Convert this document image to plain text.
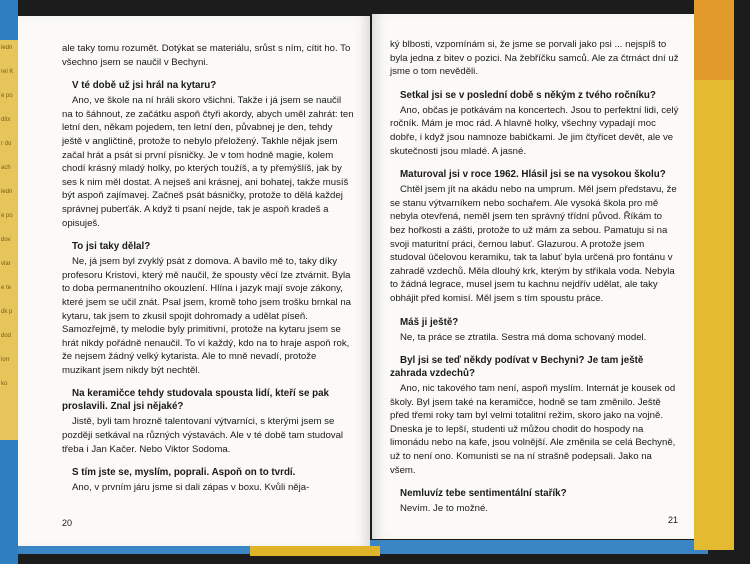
ledn
rel K
e po
ditx
r do
ach
ledn
e po
dov
vlar
e te
dk p
dod
lorr
ko

ale taky tomu rozumět. Dotýkat se materiálu, srůst s ním, cítit ho. To všechno jsem se naučil v Bechyni.

V té době už jsi hrál na kytaru?

Ano, ve škole na ní hráli skoro všichni. Takže i já jsem se naučil na to šáhnout, ze začátku aspoň čtyři akordy, abych uměl zahrát: ten letní den, někam pojedem, ten letní den, půvabnej je den, tehdy ještě v angličtině, protože to nebylo přeložený. Takhle nějak jsem začal hrát a psát si první písničky. Je v tom hodně magie, kolem chodí krásný mladý holky, po kterých toužíš, a ty přemýšlíš, jak by ses k nim měl dostat. A nejseš ani krásnej, ani bohatej, takže musíš být aspoň zajímavej. Začneš psát básničky, protože to dělá každej správnej puberťák. A když ti psaní nejde, tak je aspoň kradeš a opisuješ.

To jsi taky dělal?

Ne, já jsem byl zvyklý psát z domova. A bavilo mě to, taky díky profesoru Kristovi, který mě naučil, že spousty věcí lze ztvárnit. Byla to doba permanentního okouzlení. Hlína i jazyk mají svoje zákony, které jsem se učil znát. Psal jsem, kromě toho jsem trošku brnkal na kytaru, tak jsem to zkusil spojit dohromady a udělat píseň. Samozřejmě, ty melodie byly primitivní, protože na kytaru jsem se hrát nikdy pořádně nenaučil. To ví každý, kdo na to hraje aspoň rok, že nejsem žádný velký kytarista. Ale to mně nevadí, protože muzikant jsem nikdy být nechtěl.

Na keramičce tehdy studovala spousta lidí, kteří se pak proslavili. Znal jsi nějaké?

Jistě, byli tam hrozně talentovaní výtvarníci, s kterými jsem se později setkával na různých výstavách. Ale v té době tam studoval třeba i Jan Kačer. Nebo Viktor Sodoma.

S tím jste se, myslím, poprali. Aspoň on to tvrdí.

Ano, v prvním járu jsme si dali zápas v boxu. Kvůli něja-

20

ký blbosti, vzpomínám si, že jsme se porvali jako psi ... nejspíš to byla jedna z bitev o pozici. Na žebříčku samců. Ale za čtrnáct dní už jsme o tom nevěděli.

Setkal jsi se v poslední době s někým z tvého ročníku?

Ano, občas je potkávám na koncertech. Jsou to perfektní lidi, celý ročník. Mám je moc rád. A hlavně holky, všechny vypadají moc dobře, i když jsou namnoze babičkami. Je jim čtyřicet devět, ale ve skutečnosti jsou mladé. A jasné.

Maturoval jsi v roce 1962. Hlásil jsi se na vysokou školu?

Chtěl jsem jít na akádu nebo na umprum. Měl jsem představu, že se stanu výtvarníkem nebo sochařem. Ale vysoká škola pro mě nebyla otevřená, neměl jsem ten správný třídní původ. Říkám to bez hořkosti a zášti, protože to už mám za sebou. Pamatuju si na svoji maturitní práci, černou labuť. Glazurou. A protože jsem studoval účelovou keramiku, tak ta labuť byla určená pro fontánu v zahradě vzdechů. Měla dlouhý krk, kterým by stříkala voda. Nebyla to žádná legrace, musel jsem tu kachnu nejdřív udělat, ale taky obhájit před komisí. Měl jsem s tím spoustu práce.

Máš ji ještě?

Ne, ta práce se ztratila. Sestra má doma schovaný model.

Byl jsi se teď někdy podívat v Bechyni? Je tam ještě zahrada vzdechů?

Ano, nic takového tam není, aspoň myslím. Internát je kousek od školy. Byl jsem také na keramičce, hodně se tam změnilo. Ještě před třemi roky tam byl velmi totalitní režim, skoro jako na vojně. Dneska je to lepší, studenti už můžou chodit do hospody na limonádu nebo na kafe, jsou volnější. Ale změnila se celá Bechyně, už to není ono. Komunisti se na ní strašně podepsali. Jako na všem.

Nemluvíz tebe sentimentální stařík?

Nevím. Je to možné.

21
